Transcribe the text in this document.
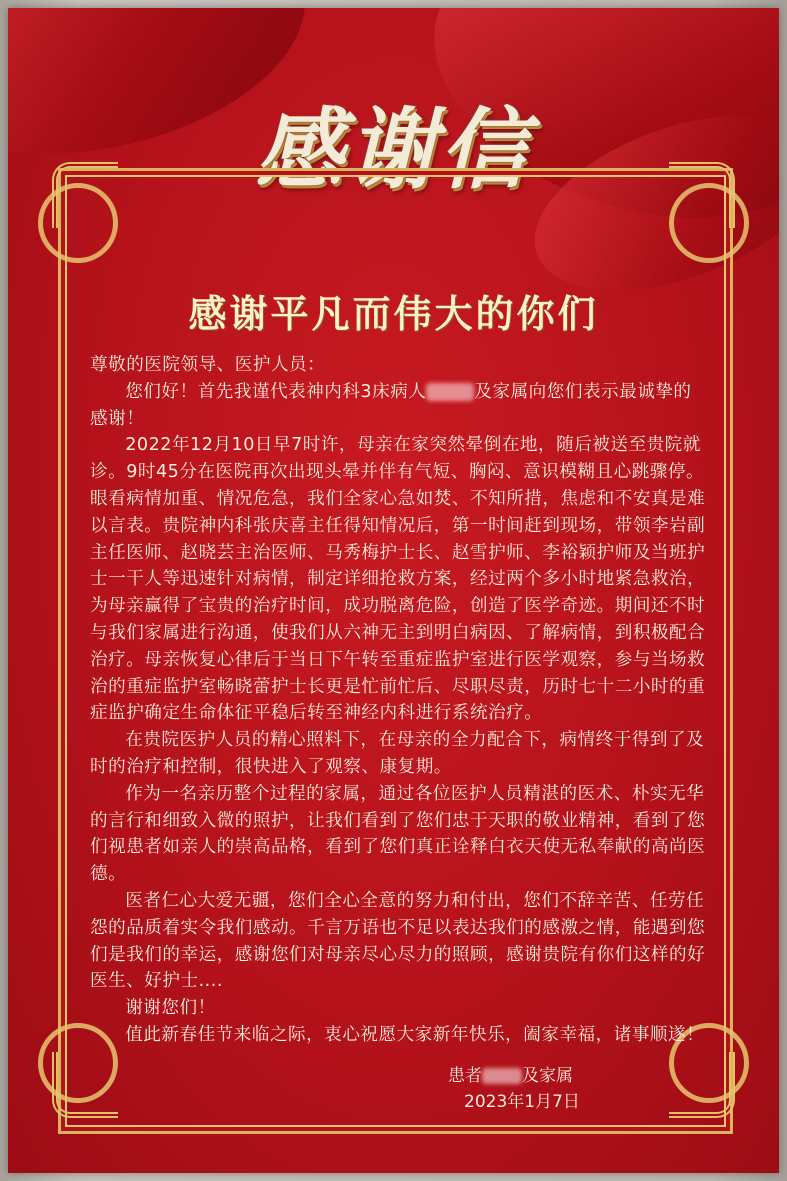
感谢信
感谢平凡而伟大的你们

尊敬的医院领导、医护人员：

您们好！首先我谨代表神内科3床病人	及家属向您们表示最诚挚的感谢！

2022年12月10日早7时许，母亲在家突然晕倒在地，随后被送至贵院就诊。9时45分在医院再次出现头晕并伴有气短、胸闷、意识模糊且心跳骤停。眼看病情加重、情况危急，我们全家心急如焚、不知所措，焦虑和不安真是难以言表。贵院神内科张庆喜主任得知情况后，第一时间赶到现场，带领李岩副主任医师、赵晓芸主治医师、马秀梅护士长、赵雪护师、李裕颖护师及当班护士一干人等迅速针对病情，制定详细抢救方案，经过两个多小时地紧急救治，为母亲赢得了宝贵的治疗时间，成功脱离危险，创造了医学奇迹。期间还不时与我们家属进行沟通，使我们从六神无主到明白病因、了解病情，到积极配合治疗。母亲恢复心律后于当日下午转至重症监护室进行医学观察，参与当场救治的重症监护室畅晓蕾护士长更是忙前忙后、尽职尽责，历时七十二小时的重症监护确定生命体征平稳后转至神经内科进行系统治疗。

在贵院医护人员的精心照料下，在母亲的全力配合下，病情终于得到了及时的治疗和控制，很快进入了观察、康复期。

作为一名亲历整个过程的家属，通过各位医护人员精湛的医术、朴实无华的言行和细致入微的照护，让我们看到了您们忠于天职的敬业精神，看到了您们视患者如亲人的崇高品格，看到了您们真正诠释白衣天使无私奉献的高尚医德。

医者仁心大爱无疆，您们全心全意的努力和付出，您们不辞辛苦、任劳任怨的品质着实令我们感动。千言万语也不足以表达我们的感激之情，能遇到您们是我们的幸运，感谢您们对母亲尽心尽力的照顾，感谢贵院有你们这样的好医生、好护士....

谢谢您们！

值此新春佳节来临之际，衷心祝愿大家新年快乐，阖家幸福，诸事顺遂！

患者 及家属
2023年1月7日
